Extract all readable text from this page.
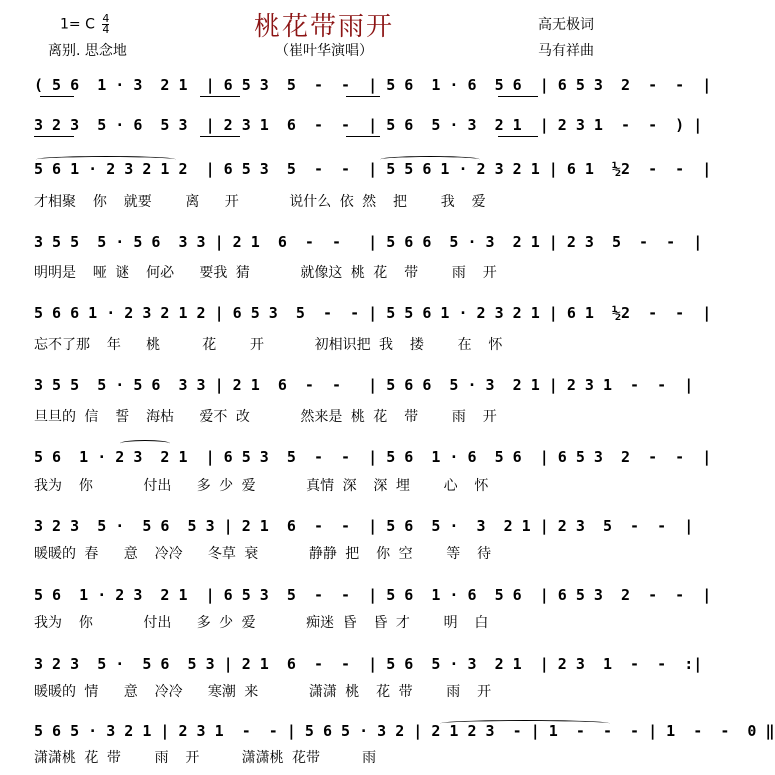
1= C $\frac{4}{4}$	桃花带雨开
离别. 思念地	（崔叶华演唱）
高无极词
马有祥曲
( 5 6  1 · 3  2 1  | 6 5 3  5  -  -  | 5 6  1 · 6  5 6  | 6 5 3  2  -  -  |
3 2 3  5 · 6  5 3  | 2 3 1  6  -  -  | 5 6  5 · 3  2 1  | 2 3 1  -  -  ) |
5 6 1 · 2 3 2 1 2  | 6 5 3  5  -  -  | 5 5 6 1 · 2 3 2 1 | 6 1  ½2  -  -  |
才相聚  你  就要    离   开      说什么 依 然  把    我  爱
3 5 5  5 · 5 6  3 3 | 2 1  6  -  -   | 5 6 6  5 · 3  2 1 | 2 3  5  -  -  |
明明是  哑 谜  何必   要我 猜      就像这 桃 花  带    雨  开
5 6 6 1 · 2 3 2 1 2 | 6 5 3  5  -  - | 5 5 6 1 · 2 3 2 1 | 6 1  ½2  -  -  |
忘不了那  年   桃     花    开      初相识把 我  搂    在  怀
3 5 5  5 · 5 6  3 3 | 2 1  6  -  -   | 5 6 6  5 · 3  2 1 | 2 3 1  -  -  |
旦旦的 信  誓  海枯   爱不 改      然来是 桃 花  带    雨  开
5 6  1 · 2 3  2 1  | 6 5 3  5  -  -  | 5 6  1 · 6  5 6  | 6 5 3  2  -  -  |
我为  你      付出   多 少 爱      真情 深  深 埋    心  怀
3 2 3  5 ·  5 6  5 3 | 2 1  6  -  -  | 5 6  5 ·  3  2 1 | 2 3  5  -  -  |
暖暖的 春   意  冷冷   冬草 衰      静静 把  你 空    等  待
5 6  1 · 2 3  2 1  | 6 5 3  5  -  -  | 5 6  1 · 6  5 6  | 6 5 3  2  -  -  |
我为  你      付出   多 少 爱      痴迷 昏  昏 才    明  白
3 2 3  5 ·  5 6  5 3 | 2 1  6  -  -  | 5 6  5 · 3  2 1  | 2 3  1  -  -  :|
暖暖的 情   意  冷冷   寒潮 来      潇潇 桃  花 带    雨  开
5 6 5 · 3 2 1 | 2 3 1  -  - | 5 6 5 · 3 2 | 2 1 2 3  - | 1  -  -  - | 1  -  -  0 ‖
潇潇桃 花 带    雨  开     潇潇桃 花带     雨
